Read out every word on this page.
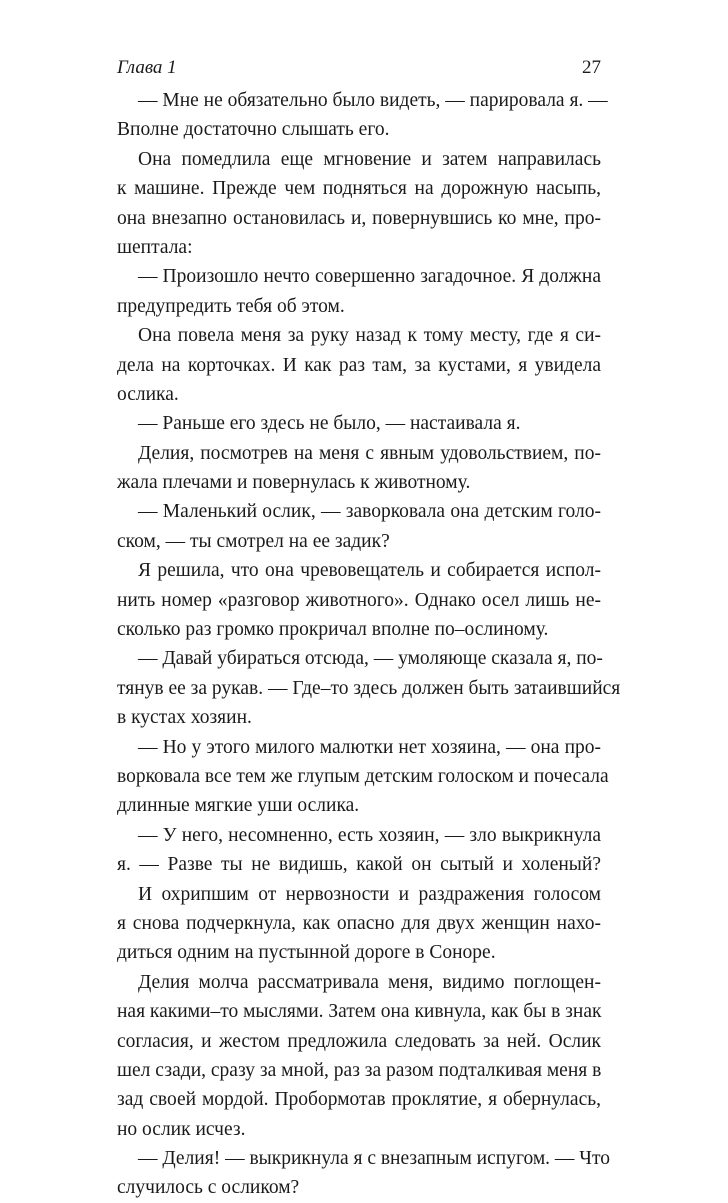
Глава 1	27
— Мне не обязательно было видеть, — парировала я. —
Вполне достаточно слышать его.
Она помедлила еще мгновение и затем направилась
к машине. Прежде чем подняться на дорожную насыпь,
она внезапно остановилась и, повернувшись ко мне, про-
шептала:
— Произошло нечто совершенно загадочное. Я должна
предупредить тебя об этом.
Она повела меня за руку назад к тому месту, где я си-
дела на корточках. И как раз там, за кустами, я увидела
ослика.
— Раньше его здесь не было, — настаивала я.
Делия, посмотрев на меня с явным удовольствием, по-
жала плечами и повернулась к животному.
— Маленький ослик, — заворковала она детским голо-
ском, — ты смотрел на ее задик?
Я решила, что она чревовещатель и собирается испол-
нить номер «разговор животного». Однако осел лишь не-
сколько раз громко прокричал вполне по–ослиному.
— Давай убираться отсюда, — умоляюще сказала я, по-
тянув ее за рукав. — Где–то здесь должен быть затаившийся
в кустах хозяин.
— Но у этого милого малютки нет хозяина, — она про-
ворковала все тем же глупым детским голоском и почесала
длинные мягкие уши ослика.
— У него, несомненно, есть хозяин, — зло выкрикнула
я. — Разве ты не видишь, какой он сытый и холеный?
И охрипшим от нервозности и раздражения голосом
я снова подчеркнула, как опасно для двух женщин нахо-
диться одним на пустынной дороге в Соноре.
Делия молча рассматривала меня, видимо поглощен-
ная какими–то мыслями. Затем она кивнула, как бы в знак
согласия, и жестом предложила следовать за ней. Ослик
шел сзади, сразу за мной, раз за разом подталкивая меня в
зад своей мордой. Пробормотав проклятие, я обернулась,
но ослик исчез.
— Делия! — выкрикнула я с внезапным испугом. — Что
случилось с осликом?
